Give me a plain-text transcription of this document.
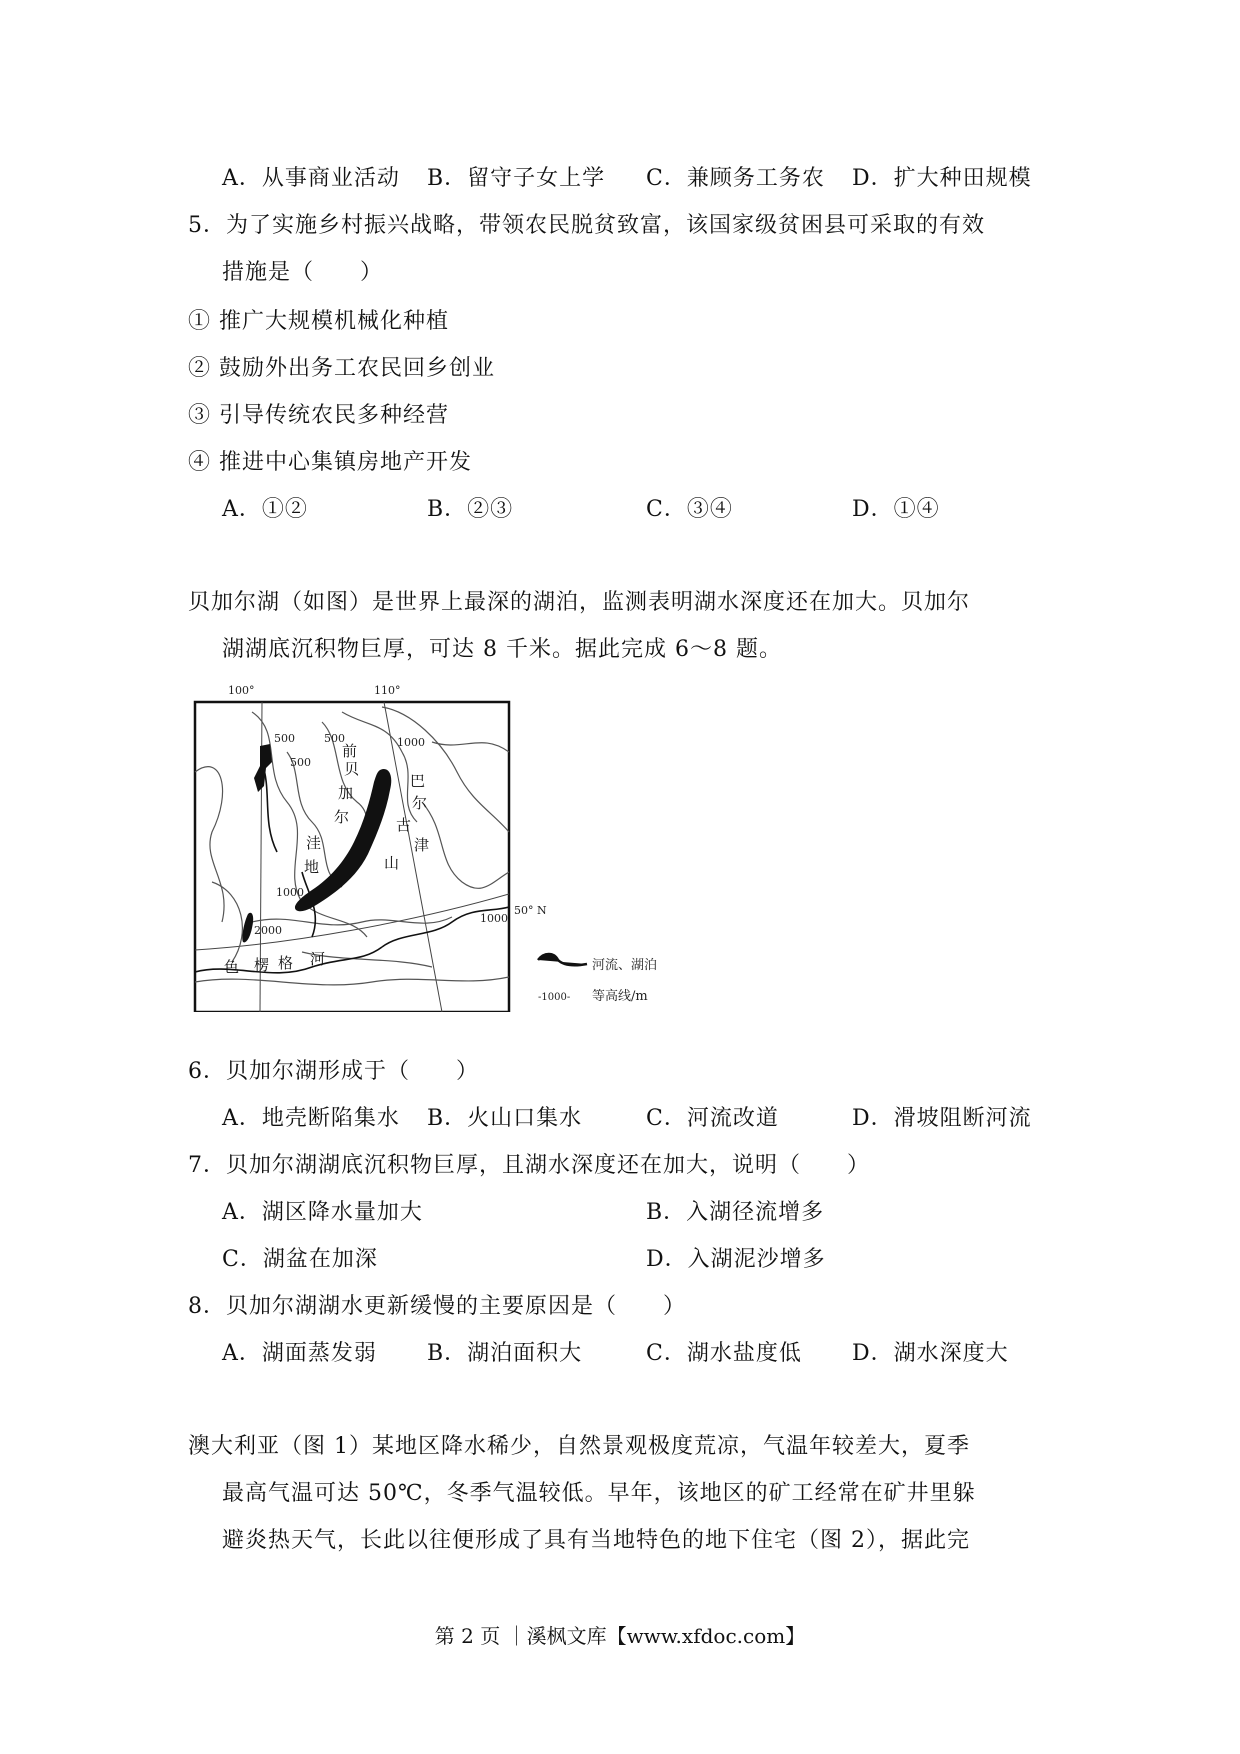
A．从事商业活动 B．留守子女上学 C．兼顾务工务农 D．扩大种田规模
5．为了实施乡村振兴战略，带领农民脱贫致富，该国家级贫困县可采取的有效
措施是（　　）
① 推广大规模机械化种植
② 鼓励外出务工农民回乡创业
③ 引导传统农民多种经营
④ 推进中心集镇房地产开发
A．①②	B．②③	C．③④	D．①④
贝加尔湖（如图）是世界上最深的湖泊，监测表明湖水深度还在加大。贝加尔
湖湖底沉积物巨厚，可达 8 千米。据此完成 6～8 题。
100°	110°
500	500
500
1000
1000
1000
2000
前
贝
加
尔
洼
地
巴
尔
古
津
山
色 楞 格 河
50° N
河流、湖泊
-1000- 等高线/m
6．贝加尔湖形成于（　　）
A．地壳断陷集水 B．火山口集水	C．河流改道	D．滑坡阻断河流
7．贝加尔湖湖底沉积物巨厚，且湖水深度还在加大，说明（　　）
A．湖区降水量加大	B．入湖径流增多
C．湖盆在加深	D．入湖泥沙增多
8．贝加尔湖湖水更新缓慢的主要原因是（　　）
A．湖面蒸发弱 B．湖泊面积大	C．湖水盐度低 D．湖水深度大
澳大利亚（图 1）某地区降水稀少，自然景观极度荒凉，气温年较差大，夏季
最高气温可达 50℃，冬季气温较低。早年，该地区的矿工经常在矿井里躲
避炎热天气，长此以往便形成了具有当地特色的地下住宅（图 2），据此完
第 2 页 ｜溪枫文库【www.xfdoc.com】
